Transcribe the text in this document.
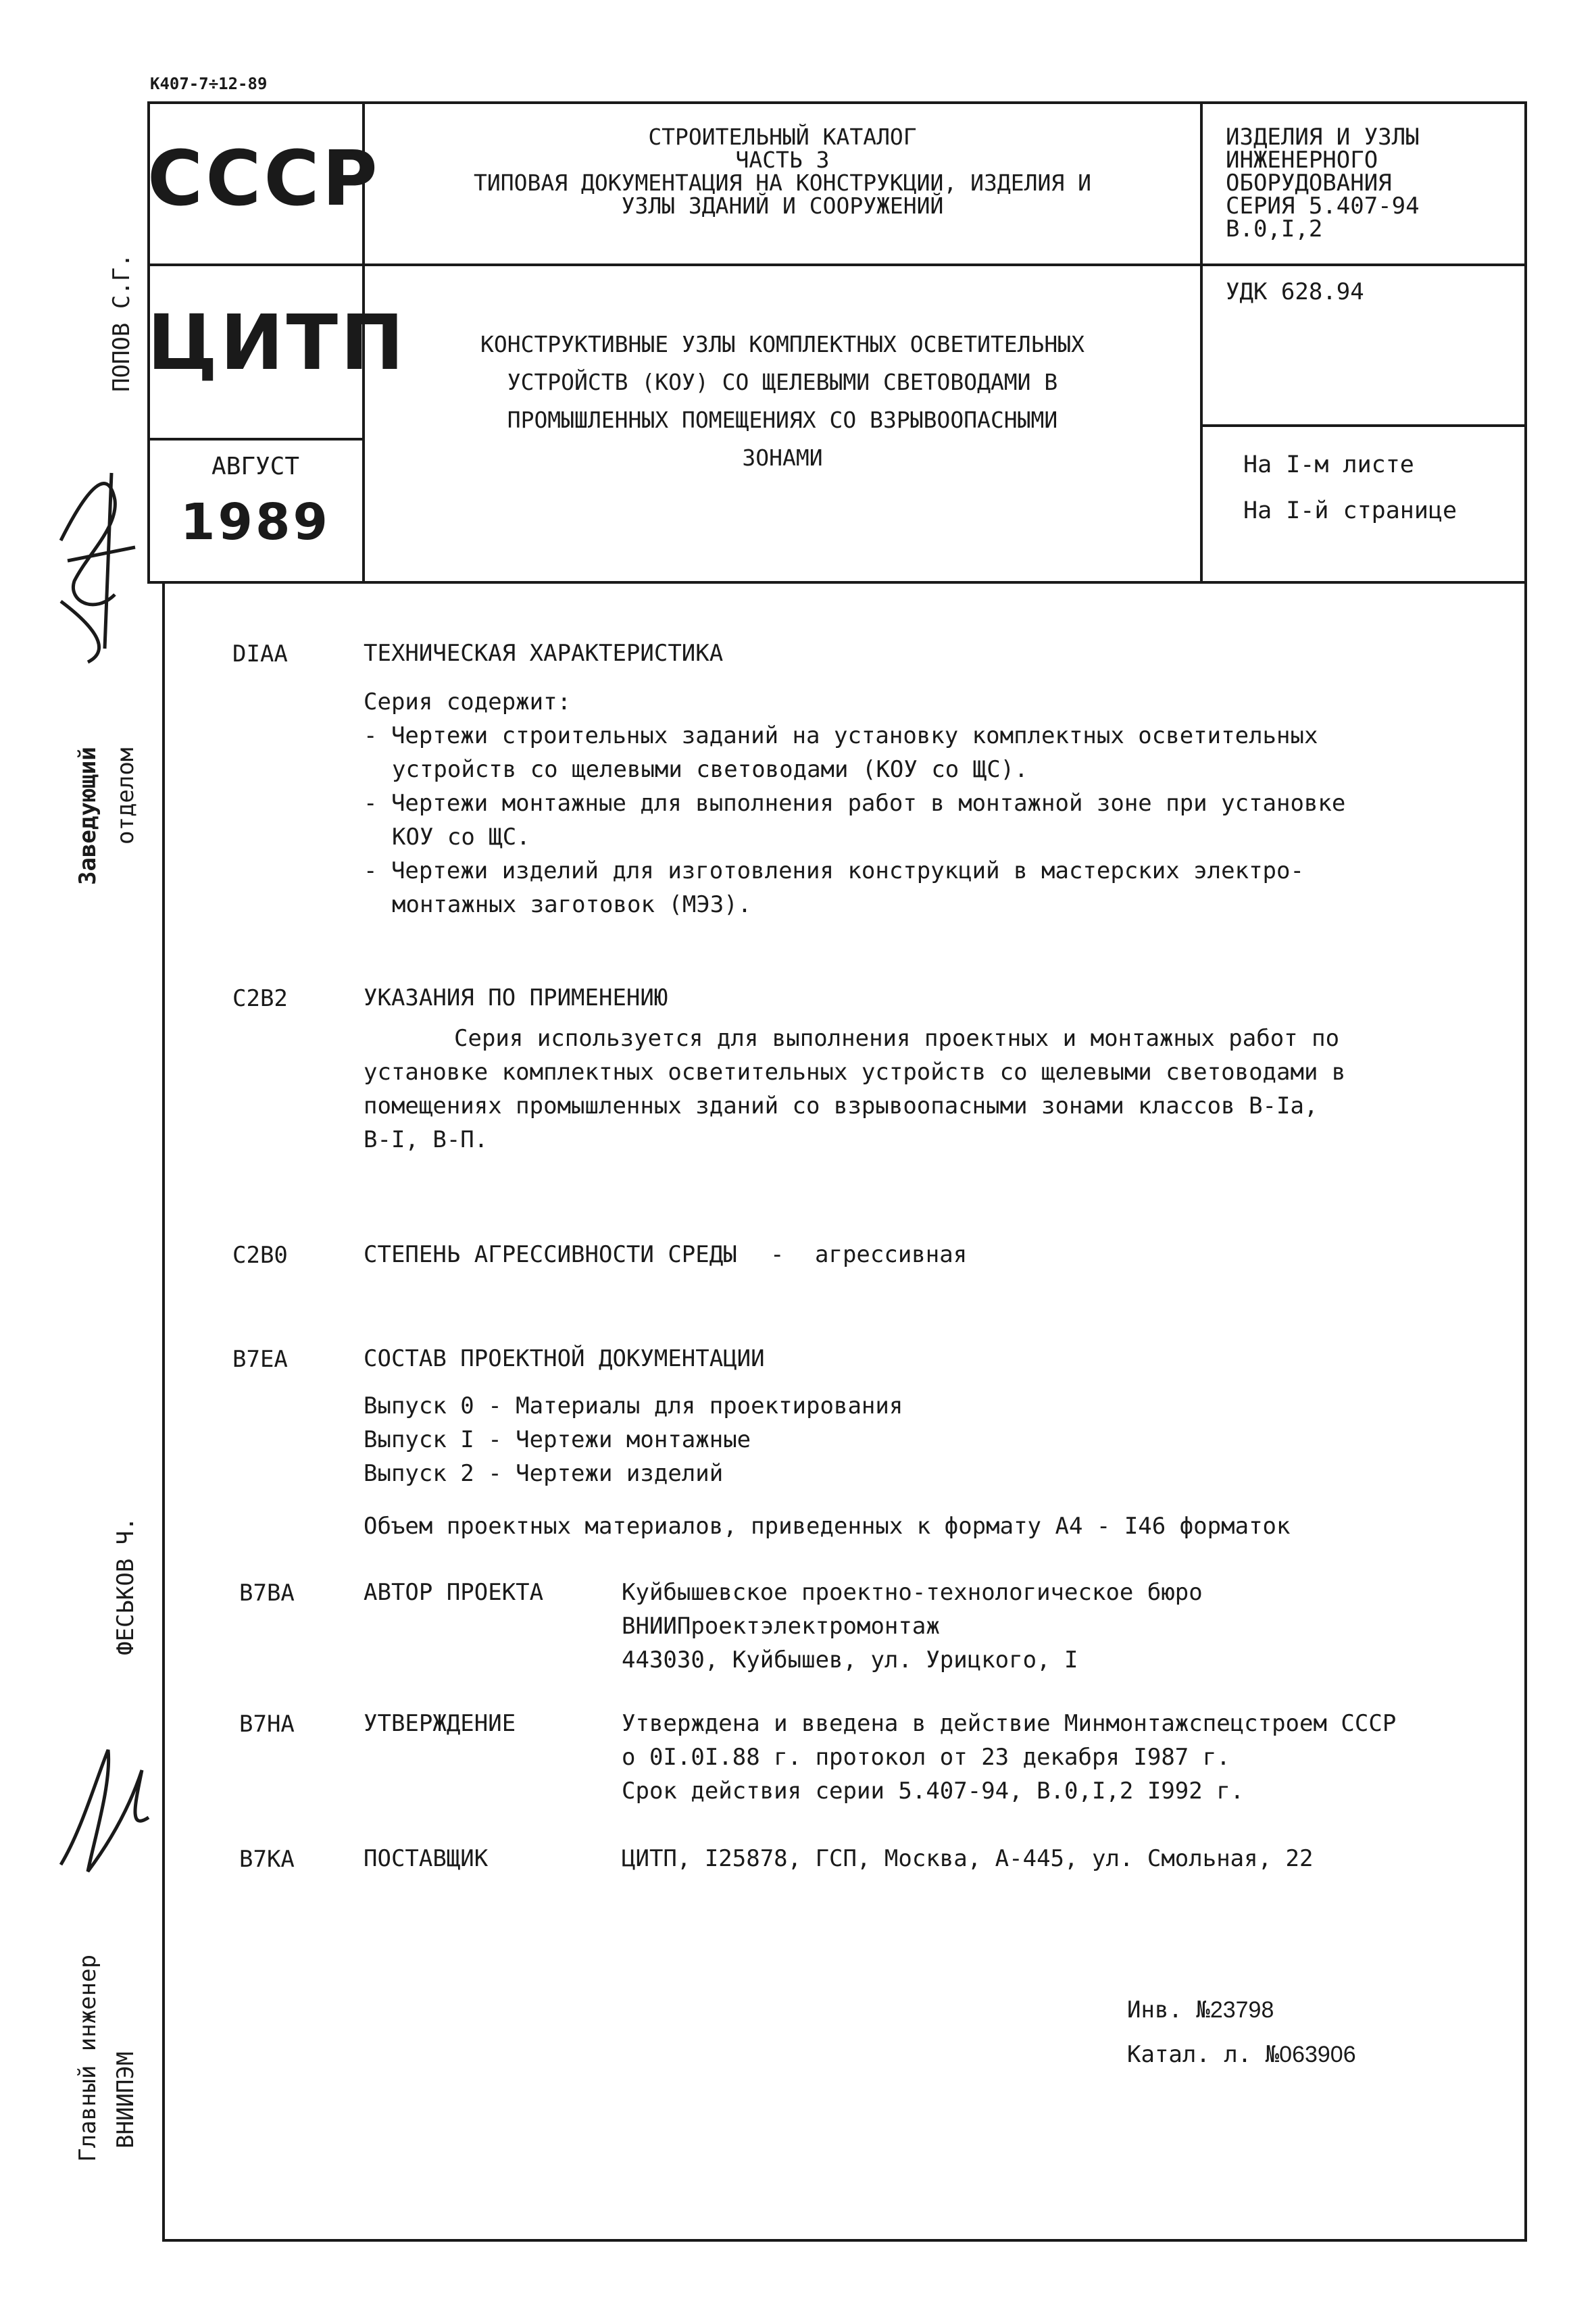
К407-7÷12-89
СССР
ЦИТП
АВГУСТ
1989
СТРОИТЕЛЬНЫЙ КАТАЛОГ
ЧАСТЬ 3
ТИПОВАЯ ДОКУМЕНТАЦИЯ НА КОНСТРУКЦИИ, ИЗДЕЛИЯ И
УЗЛЫ ЗДАНИЙ И СООРУЖЕНИЙ
КОНСТРУКТИВНЫЕ УЗЛЫ КОМПЛЕКТНЫХ ОСВЕТИТЕЛЬНЫХ
УСТРОЙСТВ (КОУ) СО ЩЕЛЕВЫМИ СВЕТОВОДАМИ В
ПРОМЫШЛЕННЫХ ПОМЕЩЕНИЯХ СО ВЗРЫВООПАСНЫМИ
ЗОНАМИ
ИЗДЕЛИЯ И УЗЛЫ
ИНЖЕНЕРНОГО
ОБОРУДОВАНИЯ
СЕРИЯ 5.407-94
В.0,I,2
УДК 628.94
На I-м листе
На I-й странице
ПОПОВ С.Г.
Заведующий отделом
ФЕСЬКОВ Ч.
Главный инженер ВНИИПЭМ
DIAA	ТЕХНИЧЕСКАЯ ХАРАКТЕРИСТИКА
Серия содержит:
- Чертежи строительных заданий на установку комплектных осветительных
устройств со щелевыми световодами (КОУ со ЩС).
- Чертежи монтажные для выполнения работ в монтажной зоне при установке
КОУ со ЩС.
- Чертежи изделий для изготовления конструкций в мастерских электро-
монтажных заготовок (МЭЗ).
C2B2	УКАЗАНИЯ ПО ПРИМЕНЕНИЮ
Серия используется для выполнения проектных и монтажных работ по
установке комплектных осветительных устройств со щелевыми световодами в
помещениях промышленных зданий со взрывоопасными зонами классов В-Iа,
В-I, В-П.
C2B0	СТЕПЕНЬ АГРЕССИВНОСТИ СРЕДЫ - агрессивная
B7EA	СОСТАВ ПРОЕКТНОЙ ДОКУМЕНТАЦИИ
Выпуск 0 - Материалы для проектирования
Выпуск I - Чертежи монтажные
Выпуск 2 - Чертежи изделий
Объем проектных материалов, приведенных к формату А4 - I46 форматок
B7BA	АВТОР ПРОЕКТА	Куйбышевское проектно-технологическое бюро
ВНИИПроектэлектромонтаж
443030, Куйбышев, ул. Урицкого, I
B7HA	УТВЕРЖДЕНИЕ	Утверждена и введена в действие Минмонтажспецстроем СССР
о 0I.0I.88 г. протокол от 23 декабря I987 г.
Срок действия серии 5.407-94, В.0,I,2 I992 г.
B7KA	ПОСТАВЩИК	ЦИТП, I25878, ГСП, Москва, А-445, ул. Смольная, 22
Инв. №23798
Катал. л. №063906
